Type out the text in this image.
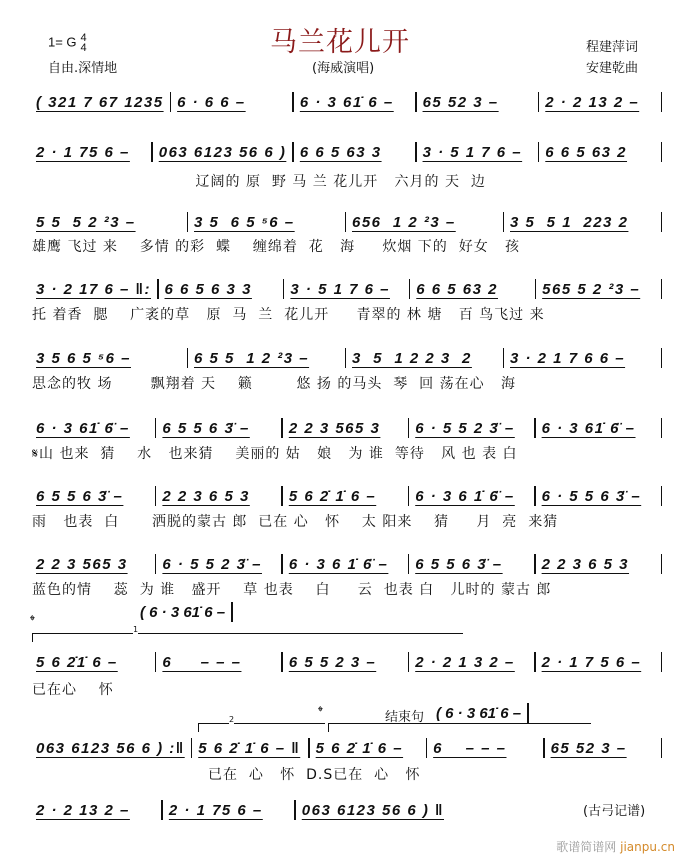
马兰花儿开
1= G 4
4
自由.深情地	(海威演唱)
程建萍词
安建乾曲
( 321 7 67 1235 6 · 6 6 –	6 · 3 61̇ 6 –	65 52 3 –	2 · 2 13 2 –
2 · 1 75 6 –	063 6123 56 6 ) 6 6 5 63 3	3 · 5 1 7 6 –	6 6 5 63 2
辽阔的 原  野 马 兰 花儿开   六月的 天  边
5 5  5 2 ²3 –	3 5  6 5 ⁵6 –	656  1 2 ²3 –	3 5  5 1  223 2
雄鹰 飞过 来    多情 的彩  蝶    缠绵着  花   海     炊烟 下的  好女   孩
3 · 2 17 6 – ‖: 6 6 5 6 3 3	3 · 5 1 7 6 –	6 6 5 63 2	565 5 2 ²3 –
托 着香  腮    广袤的草   原  马  兰  花儿开     青翠的 林 塘   百 鸟飞过 来
3 5 6 5 ⁵6 –	6 5 5  1 2 ²3 –	3  5  1 2 2 3  2	3 · 2 1 7 6 6 –
思念的牧 场       飘翔着 天    籁        悠 扬 的马头  琴  回 荡在心   海
6 · 3 61̇ 6̈ –	6 5 5 6 3̈ –	2 2 3 565 3	6 · 5 5 2 3̈ –	6 · 3 61̇ 6̈ –
𝄋山 也来  猜    水   也来猜    美丽的 姑   娘   为 谁  等待   风 也 表 白
6 5 5 6 3̈ –	2 2 3 6 5 3	5 6 2̇ 1̇ 6 –	6 · 3 6 1̇ 6̈ –	6 · 5 5 6 3̈ –
雨   也表  白      洒脱的蒙古 郎  已在 心   怀    太 阳来    猜     月  亮  来猜
2 2 3 565 3	6 · 5 5 2 3̈ –	6 · 3 6 1̇ 6̈ –	6 5 5 6 3̈ –	2 2 3 6 5 3
蓝色的情    蕊  为 谁   盛开    草 也表    白     云  也表 白   儿时的 蒙古 郎
5 6 2̇1̇ 6 –	6     – – –	6 5 5 2 3 –	2 · 2 1 3 2 –	2 · 1 7 5 6 –
已在心    怀
063 6123 56 6 ) :‖ 5 6 2̇ 1̇ 6 – ‖	5 6 2̇ 1̇ 6 –	6    – – –	65 52 3 –
已在  心   怀  D.S已在  心   怀
2 · 2 13 2 –	2 · 1 75 6 –	063 6123 56 6 ) ‖
𝄌
( 6 · 3 61̇ 6 –
1
2	𝄌	结束句 ( 6 · 3 61̇ 6 –
(古弓记谱)
歌谱简谱网 jianpu.cn
